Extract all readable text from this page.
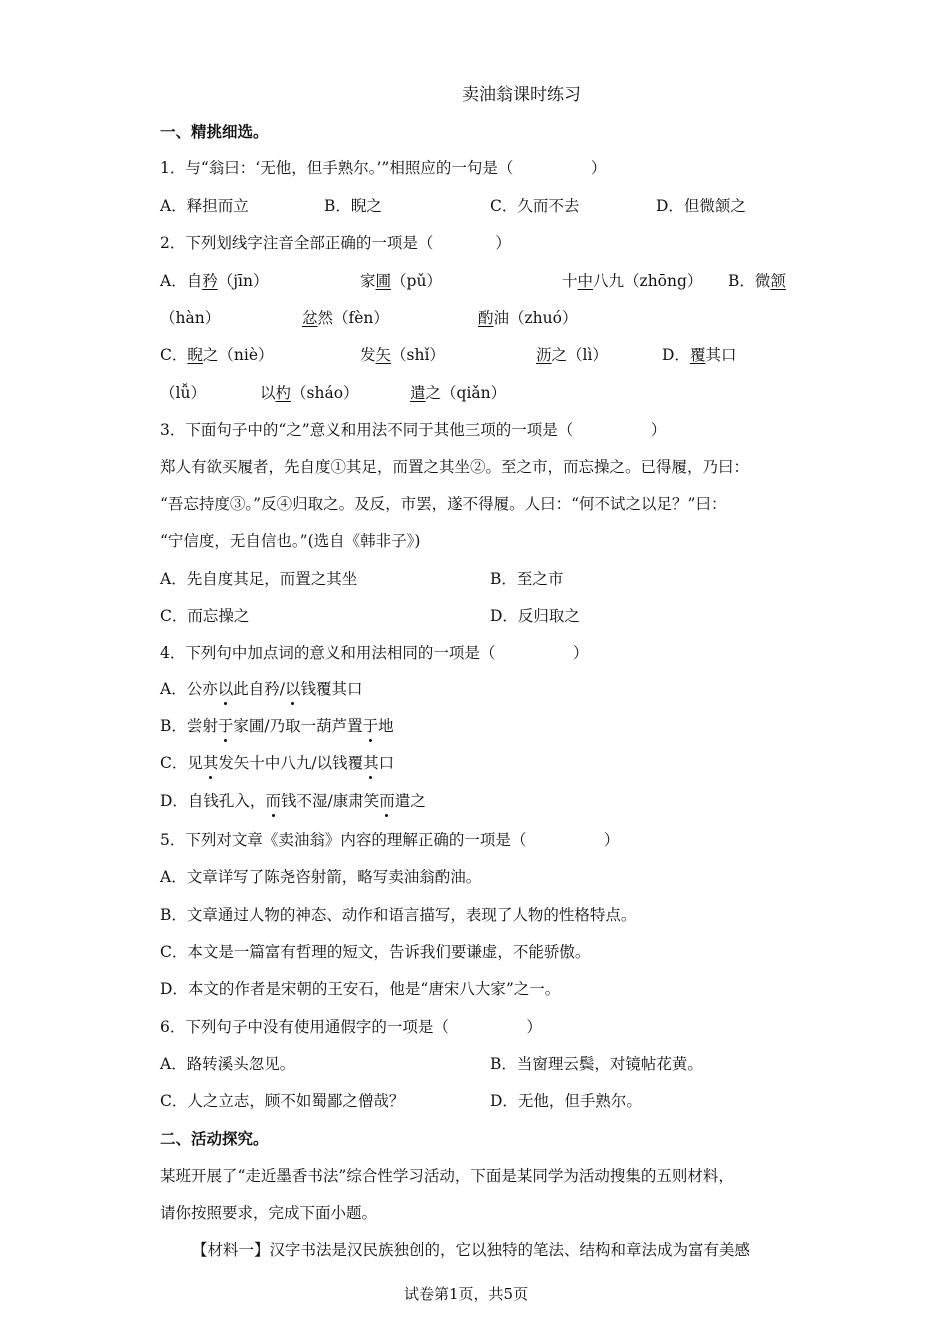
卖油翁课时练习
一、精挑细选。
1．与“翁曰：‘无他，但手熟尔。’”相照应的一句是（　　　　　）
A．释担而立	B．睨之	C．久而不去	D．但微颔之
2．下列划线字注音全部正确的一项是（　　　　）
A．自矜（jīn）	家圃（pǔ）	十中八九（zhōng） B．微颔
（hàn）	忿然（fèn）	酌油（zhuó）
C．睨之（niè）	发矢（shǐ）	沥之（lì）	D．覆其口
（lǚ）	以杓（sháo）	遣之（qiǎn）
3．下面句子中的“之”意义和用法不同于其他三项的一项是（　　　　　）
郑人有欲买履者，先自度①其足，而置之其坐②。至之市，而忘操之。已得履，乃曰：
“吾忘持度③。”反④归取之。及反，市罢，遂不得履。人曰：“何不试之以足？”曰：
“宁信度，无自信也。”(选自《韩非子》)
A．先自度其足，而置之其坐	B．至之市
C．而忘操之	D．反归取之
4．下列句中加点词的意义和用法相同的一项是（　　　　　）
A．公亦以此自矜/以钱覆其口
B．尝射于家圃/乃取一葫芦置于地
C．见其发矢十中八九/以钱覆其口
D．自钱孔入，而钱不湿/康肃笑而遣之
5．下列对文章《卖油翁》内容的理解正确的一项是（　　　　　）
A．文章详写了陈尧咨射箭，略写卖油翁酌油。
B．文章通过人物的神态、动作和语言描写，表现了人物的性格特点。
C．本文是一篇富有哲理的短文，告诉我们要谦虚，不能骄傲。
D．本文的作者是宋朝的王安石，他是“唐宋八大家”之一。
6．下列句子中没有使用通假字的一项是（　　　　　）
A．路转溪头忽见。	B．当窗理云鬓，对镜帖花黄。
C．人之立志，顾不如蜀鄙之僧哉？	D．无他，但手熟尔。
二、活动探究。
某班开展了“走近墨香书法”综合性学习活动，下面是某同学为活动搜集的五则材料，
请你按照要求，完成下面小题。
【材料一】汉字书法是汉民族独创的，它以独特的笔法、结构和章法成为富有美感
试卷第1页，共5页
